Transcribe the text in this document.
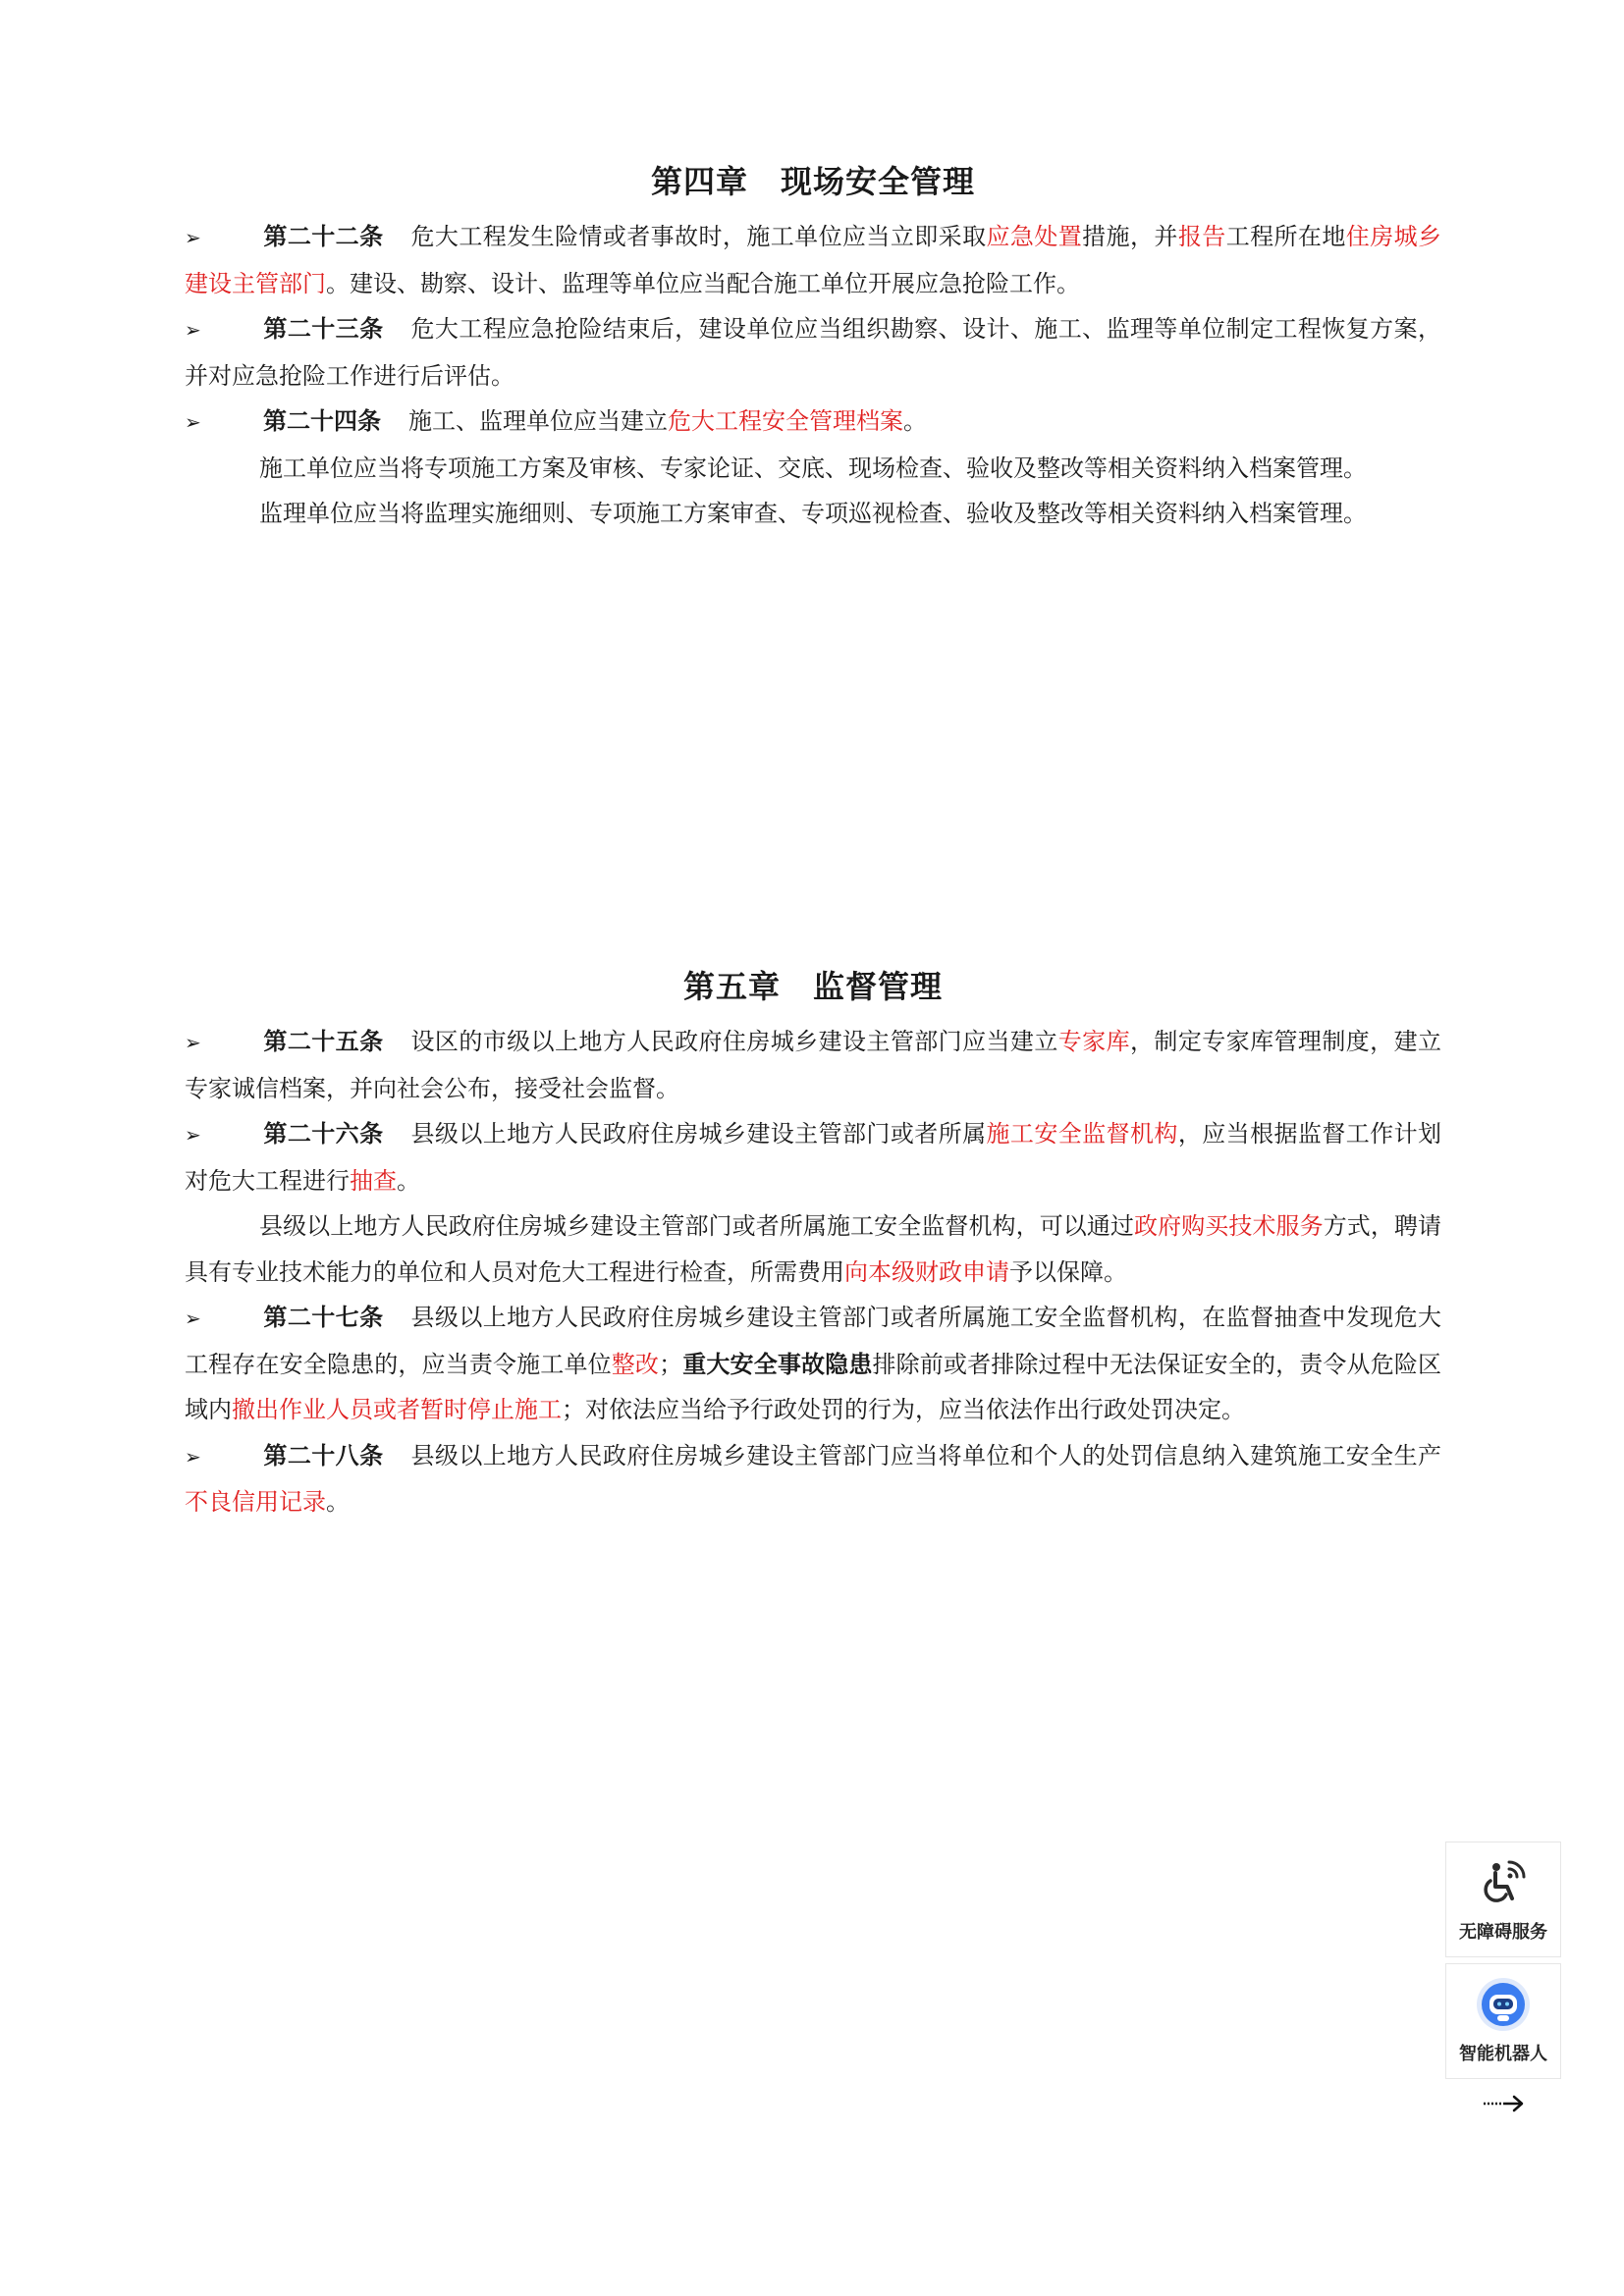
第四章　现场安全管理

➢	第二十二条 危大工程发生险情或者事故时，施工单位应当立即采取应急处置措施，并报告工程所在地住房城乡建设主管部门。建设、勘察、设计、监理等单位应当配合施工单位开展应急抢险工作。

➢	第二十三条 危大工程应急抢险结束后，建设单位应当组织勘察、设计、施工、监理等单位制定工程恢复方案，并对应急抢险工作进行后评估。

➢	第二十四条 施工、监理单位应当建立危大工程安全管理档案。

施工单位应当将专项施工方案及审核、专家论证、交底、现场检查、验收及整改等相关资料纳入档案管理。

监理单位应当将监理实施细则、专项施工方案审查、专项巡视检查、验收及整改等相关资料纳入档案管理。

第五章　监督管理

➢	第二十五条 设区的市级以上地方人民政府住房城乡建设主管部门应当建立专家库，制定专家库管理制度，建立专家诚信档案，并向社会公布，接受社会监督。

➢	第二十六条 县级以上地方人民政府住房城乡建设主管部门或者所属施工安全监督机构，应当根据监督工作计划对危大工程进行抽查。

县级以上地方人民政府住房城乡建设主管部门或者所属施工安全监督机构，可以通过政府购买技术服务方式，聘请具有专业技术能力的单位和人员对危大工程进行检查，所需费用向本级财政申请予以保障。

➢	第二十七条 县级以上地方人民政府住房城乡建设主管部门或者所属施工安全监督机构，在监督抽查中发现危大工程存在安全隐患的，应当责令施工单位整改；重大安全事故隐患排除前或者排除过程中无法保证安全的，责令从危险区域内撤出作业人员或者暂时停止施工；对依法应当给予行政处罚的行为，应当依法作出行政处罚决定。

➢	第二十八条 县级以上地方人民政府住房城乡建设主管部门应当将单位和个人的处罚信息纳入建筑施工安全生产不良信用记录。

无障碍服务
智能机器人
